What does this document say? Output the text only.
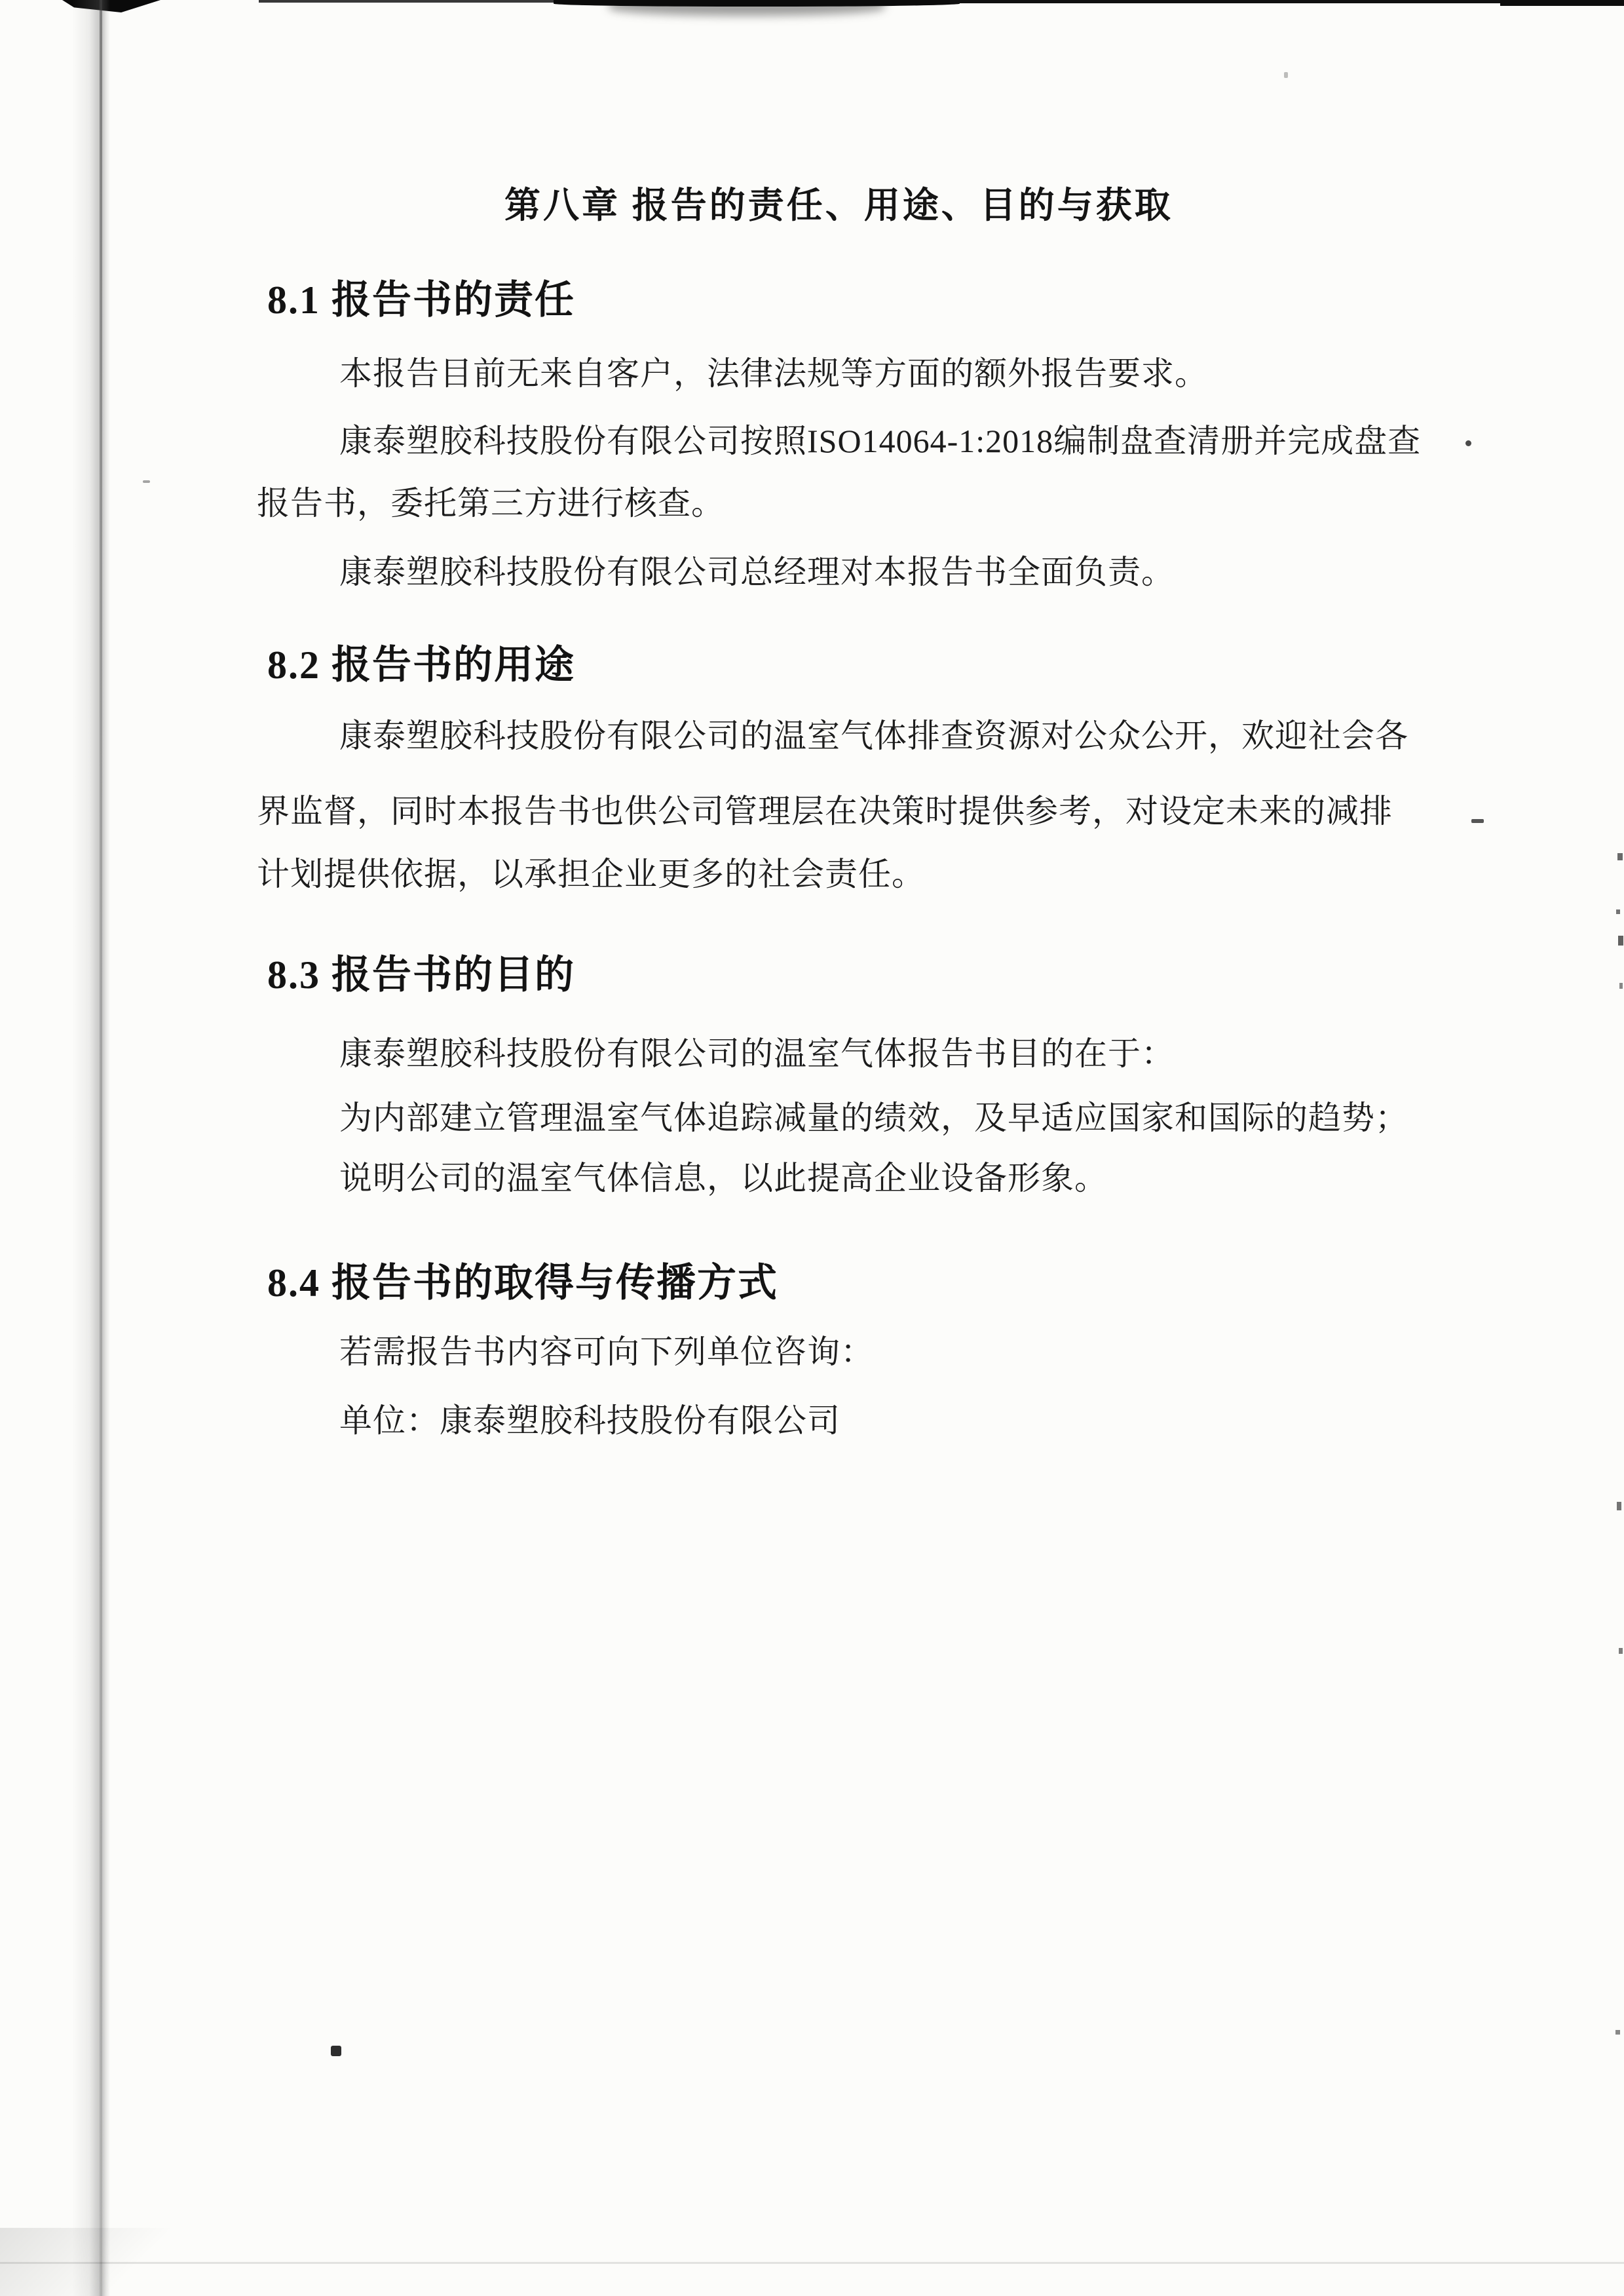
第八章 报告的责任、用途、目的与获取
8.1 报告书的责任
本报告目前无来自客户，法律法规等方面的额外报告要求。
康泰塑胶科技股份有限公司按照ISO14064-1:2018编制盘查清册并完成盘查
报告书，委托第三方进行核查。
康泰塑胶科技股份有限公司总经理对本报告书全面负责。
8.2 报告书的用途
康泰塑胶科技股份有限公司的温室气体排查资源对公众公开，欢迎社会各
界监督，同时本报告书也供公司管理层在决策时提供参考，对设定未来的减排
计划提供依据，以承担企业更多的社会责任。
8.3 报告书的目的
康泰塑胶科技股份有限公司的温室气体报告书目的在于：
为内部建立管理温室气体追踪减量的绩效，及早适应国家和国际的趋势；
说明公司的温室气体信息，以此提高企业设备形象。
8.4 报告书的取得与传播方式
若需报告书内容可向下列单位咨询：
单位：康泰塑胶科技股份有限公司
